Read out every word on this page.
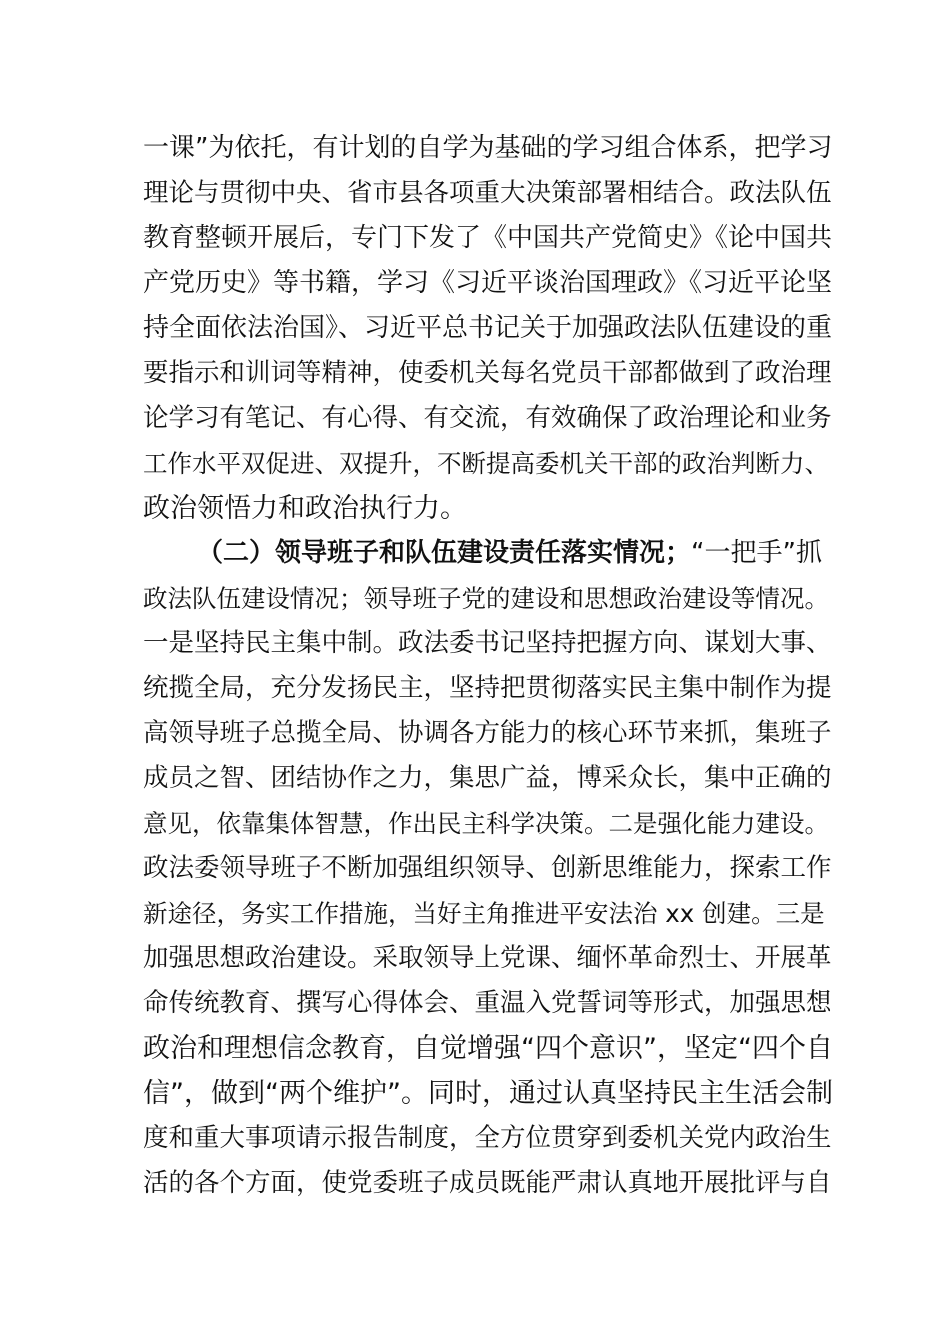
一课”为依托，有计划的自学为基础的学习组合体系，把学习
理论与贯彻中央、省市县各项重大决策部署相结合。政法队伍
教育整顿开展后，专门下发了《中国共产党简史》《论中国共
产党历史》等书籍，学习《习近平谈治国理政》《习近平论坚
持全面依法治国》、习近平总书记关于加强政法队伍建设的重
要指示和训词等精神，使委机关每名党员干部都做到了政治理
论学习有笔记、有心得、有交流，有效确保了政治理论和业务
工作水平双促进、双提升，不断提高委机关干部的政治判断力、
政治领悟力和政治执行力。
（二）领导班子和队伍建设责任落实情况；“一把手”抓
政法队伍建设情况；领导班子党的建设和思想政治建设等情况。
一是坚持民主集中制。政法委书记坚持把握方向、谋划大事、
统揽全局，充分发扬民主，坚持把贯彻落实民主集中制作为提
高领导班子总揽全局、协调各方能力的核心环节来抓，集班子
成员之智、团结协作之力，集思广益，博采众长，集中正确的
意见，依靠集体智慧，作出民主科学决策。二是强化能力建设。
政法委领导班子不断加强组织领导、创新思维能力，探索工作
新途径，务实工作措施，当好主角推进平安法治 xx 创建。三是
加强思想政治建设。采取领导上党课、缅怀革命烈士、开展革
命传统教育、撰写心得体会、重温入党誓词等形式，加强思想
政治和理想信念教育，自觉增强“四个意识”，坚定“四个自
信”，做到“两个维护”。同时，通过认真坚持民主生活会制
度和重大事项请示报告制度，全方位贯穿到委机关党内政治生
活的各个方面，使党委班子成员既能严肃认真地开展批评与自
